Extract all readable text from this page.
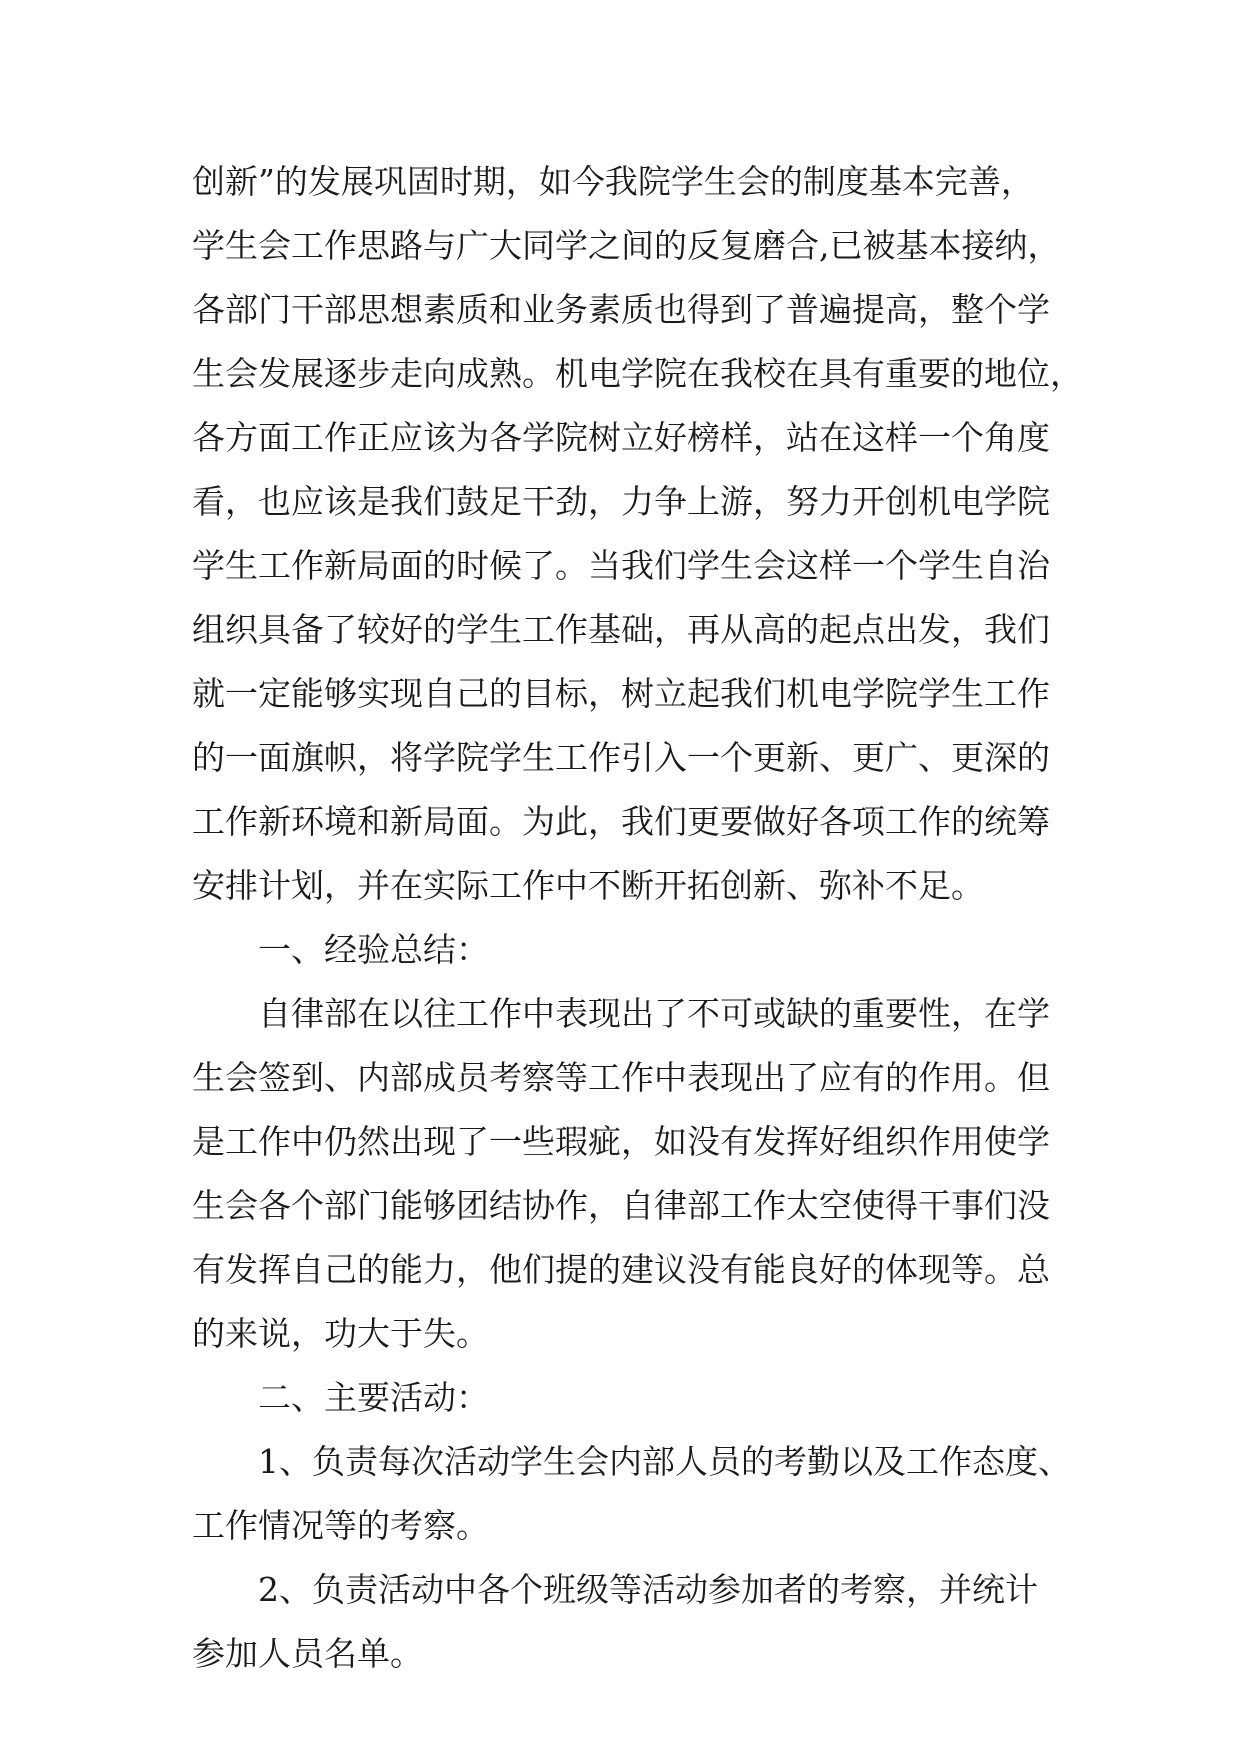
创新”的发展巩固时期，如今我院学生会的制度基本完善，

学生会工作思路与广大同学之间的反复磨合,已被基本接纳，

各部门干部思想素质和业务素质也得到了普遍提高，整个学

生会发展逐步走向成熟。机电学院在我校在具有重要的地位，

各方面工作正应该为各学院树立好榜样，站在这样一个角度

看，也应该是我们鼓足干劲，力争上游，努力开创机电学院

学生工作新局面的时候了。当我们学生会这样一个学生自治

组织具备了较好的学生工作基础，再从高的起点出发，我们

就一定能够实现自己的目标，树立起我们机电学院学生工作

的一面旗帜，将学院学生工作引入一个更新、更广、更深的

工作新环境和新局面。为此，我们更要做好各项工作的统筹

安排计划，并在实际工作中不断开拓创新、弥补不足。

一、经验总结：

自律部在以往工作中表现出了不可或缺的重要性，在学

生会签到、内部成员考察等工作中表现出了应有的作用。但

是工作中仍然出现了一些瑕疵，如没有发挥好组织作用使学

生会各个部门能够团结协作，自律部工作太空使得干事们没

有发挥自己的能力，他们提的建议没有能良好的体现等。总

的来说，功大于失。

二、主要活动：

1、负责每次活动学生会内部人员的考勤以及工作态度、

工作情况等的考察。

2、负责活动中各个班级等活动参加者的考察，并统计

参加人员名单。
